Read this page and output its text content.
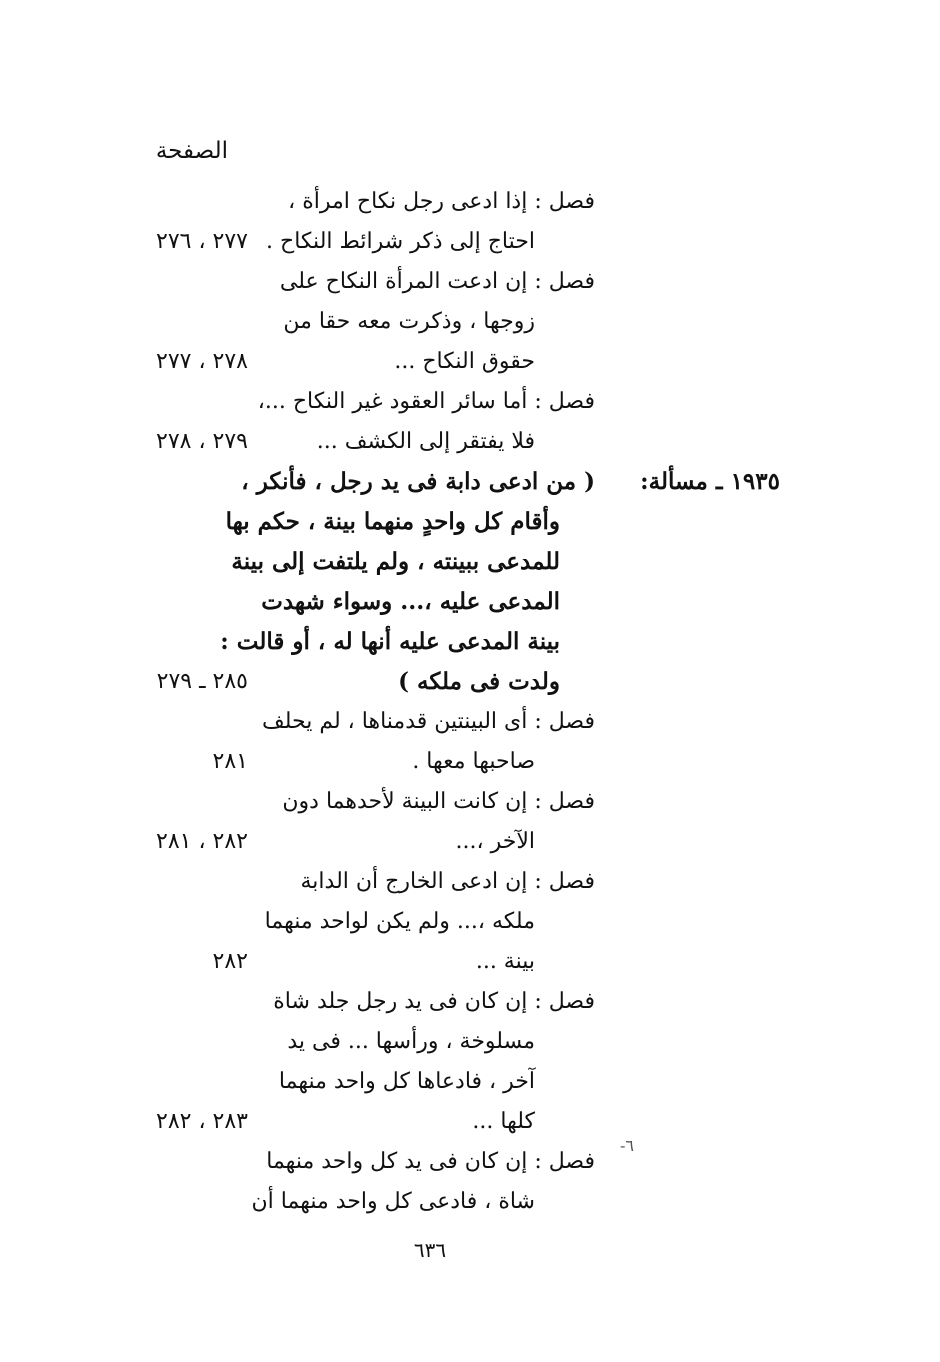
الصفحة
١٩٣٥ ـ مسألة:
فصل : إذا ادعى رجل نكاح امرأة ،
احتاج إلى ذكر شرائط النكاح .
٢٧٧ ، ٢٧٦
فصل : إن ادعت المرأة النكاح على
زوجها ، وذكرت معه حقا من
حقوق النكاح ...
٢٧٨ ، ٢٧٧
فصل : أما سائر العقود غير النكاح ...،
فلا يفتقر إلى الكشف ...
٢٧٩ ، ٢٧٨
( من ادعى دابة فى يد رجل ، فأنكر ،
وأقام كل واحدٍ منهما بينة ، حكم بها
للمدعى ببينته ، ولم يلتفت إلى بينة
المدعى عليه ،... وسواء شهدت
بينة المدعى عليه أنها له ، أو قالت :
ولدت فى ملكه )
٢٨٥ ـ ٢٧٩
فصل : أى البينتين قدمناها ، لم يحلف
صاحبها معها .
٢٨١
فصل : إن كانت البينة لأحدهما دون
الآخر ،...
٢٨٢ ، ٢٨١
فصل : إن ادعى الخارج أن الدابة
ملكه ،... ولم يكن لواحد منهما
بينة ...
٢٨٢
فصل : إن كان فى يد رجل جلد شاة
مسلوخة ، ورأسها ... فى يد
آخر ، فادعاها كل واحد منهما
كلها ...
٢٨٣ ، ٢٨٢
فصل : إن كان فى يد كل واحد منهما
شاة ، فادعى كل واحد منهما أن
٦-
٦٣٦
